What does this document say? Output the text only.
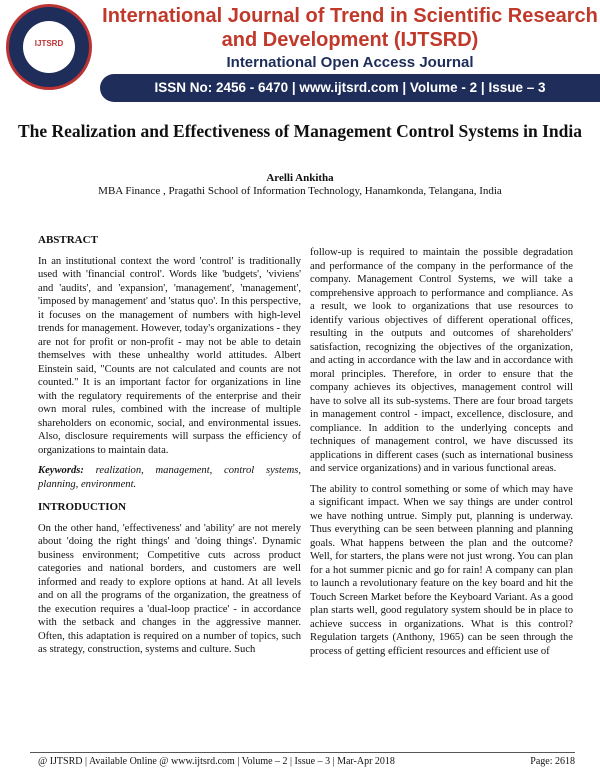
IJTSRD
International Journal of Trend in Scientific Research and Development (IJTSRD)
International Open Access Journal
ISSN No: 2456 - 6470 | www.ijtsrd.com | Volume - 2 | Issue – 3
The Realization and Effectiveness of Management Control Systems in India
Arelli Ankitha
MBA Finance , Pragathi School of Information Technology, Hanamkonda, Telangana, India
ABSTRACT

In an institutional context the word 'control' is traditionally used with 'financial control'. Words like 'budgets', 'viviens' and 'audits', and 'expansion', 'management', 'management', 'imposed by management' and 'status quo'. In this perspective, it focuses on the management of numbers with high-level trends for management. However, today's organizations - they are not for profit or non-profit - may not be able to detain themselves with these unhealthy world attitudes. Albert Einstein said, "Counts are not calculated and counts are not counted." It is an important factor for organizations in line with the regulatory requirements of the enterprise and their own moral rules, combined with the increase of multiple shareholders on economic, social, and environmental issues. Also, disclosure requirements will surpass the efficiency of organizations to maintain data.

Keywords: realization, management, control systems, planning, environment.

INTRODUCTION

On the other hand, 'effectiveness' and 'ability' are not merely about 'doing the right things' and 'doing things'. Dynamic business environment; Competitive cuts across product categories and national borders, and customers are well informed and ready to explore options at hand. At all levels and on all the programs of the organization, the greatness of the execution requires a 'dual-loop practice' - in accordance with the setback and changes in the aggressive manner. Often, this adaptation is required on a number of topics, such as strategy, construction, systems and culture. Such

follow-up is required to maintain the possible degradation and performance of the company in the performance of the company. Management Control Systems, we will take a comprehensive approach to performance and compliance. As a result, we look to organizations that use resources to identify various objectives of different operational offices, resulting in the outputs and outcomes of shareholders' satisfaction, recognizing the objectives of the organization, and acting in accordance with the law and in accordance with moral principles. Therefore, in order to ensure that the company achieves its objectives, management control will have to solve all its sub-systems. There are four broad targets in management control - impact, excellence, disclosure, and compliance. In addition to the underlying concepts and techniques of management control, we have discussed its applications in different cases (such as international business and service organizations) and in various functional areas.

The ability to control something or some of which may have a significant impact. When we say things are under control we have nothing untrue. Simply put, planning is underway. Thus everything can be seen between planning and planning goals. What happens between the plan and the outcome? Well, for starters, the plans were not just wrong. You can plan for a hot summer picnic and go for rain! A company can plan to launch a revolutionary feature on the key board and hit the Touch Screen Market before the Keyboard Variant. As a good plan starts well, good regulatory system should be in place to achieve success in organizations. What is this control? Regulation targets (Anthony, 1965) can be seen through the process of getting efficient resources and efficient use of

@ IJTSRD | Available Online @ www.ijtsrd.com | Volume – 2 | Issue – 3 | Mar-Apr 2018	Page: 2618
